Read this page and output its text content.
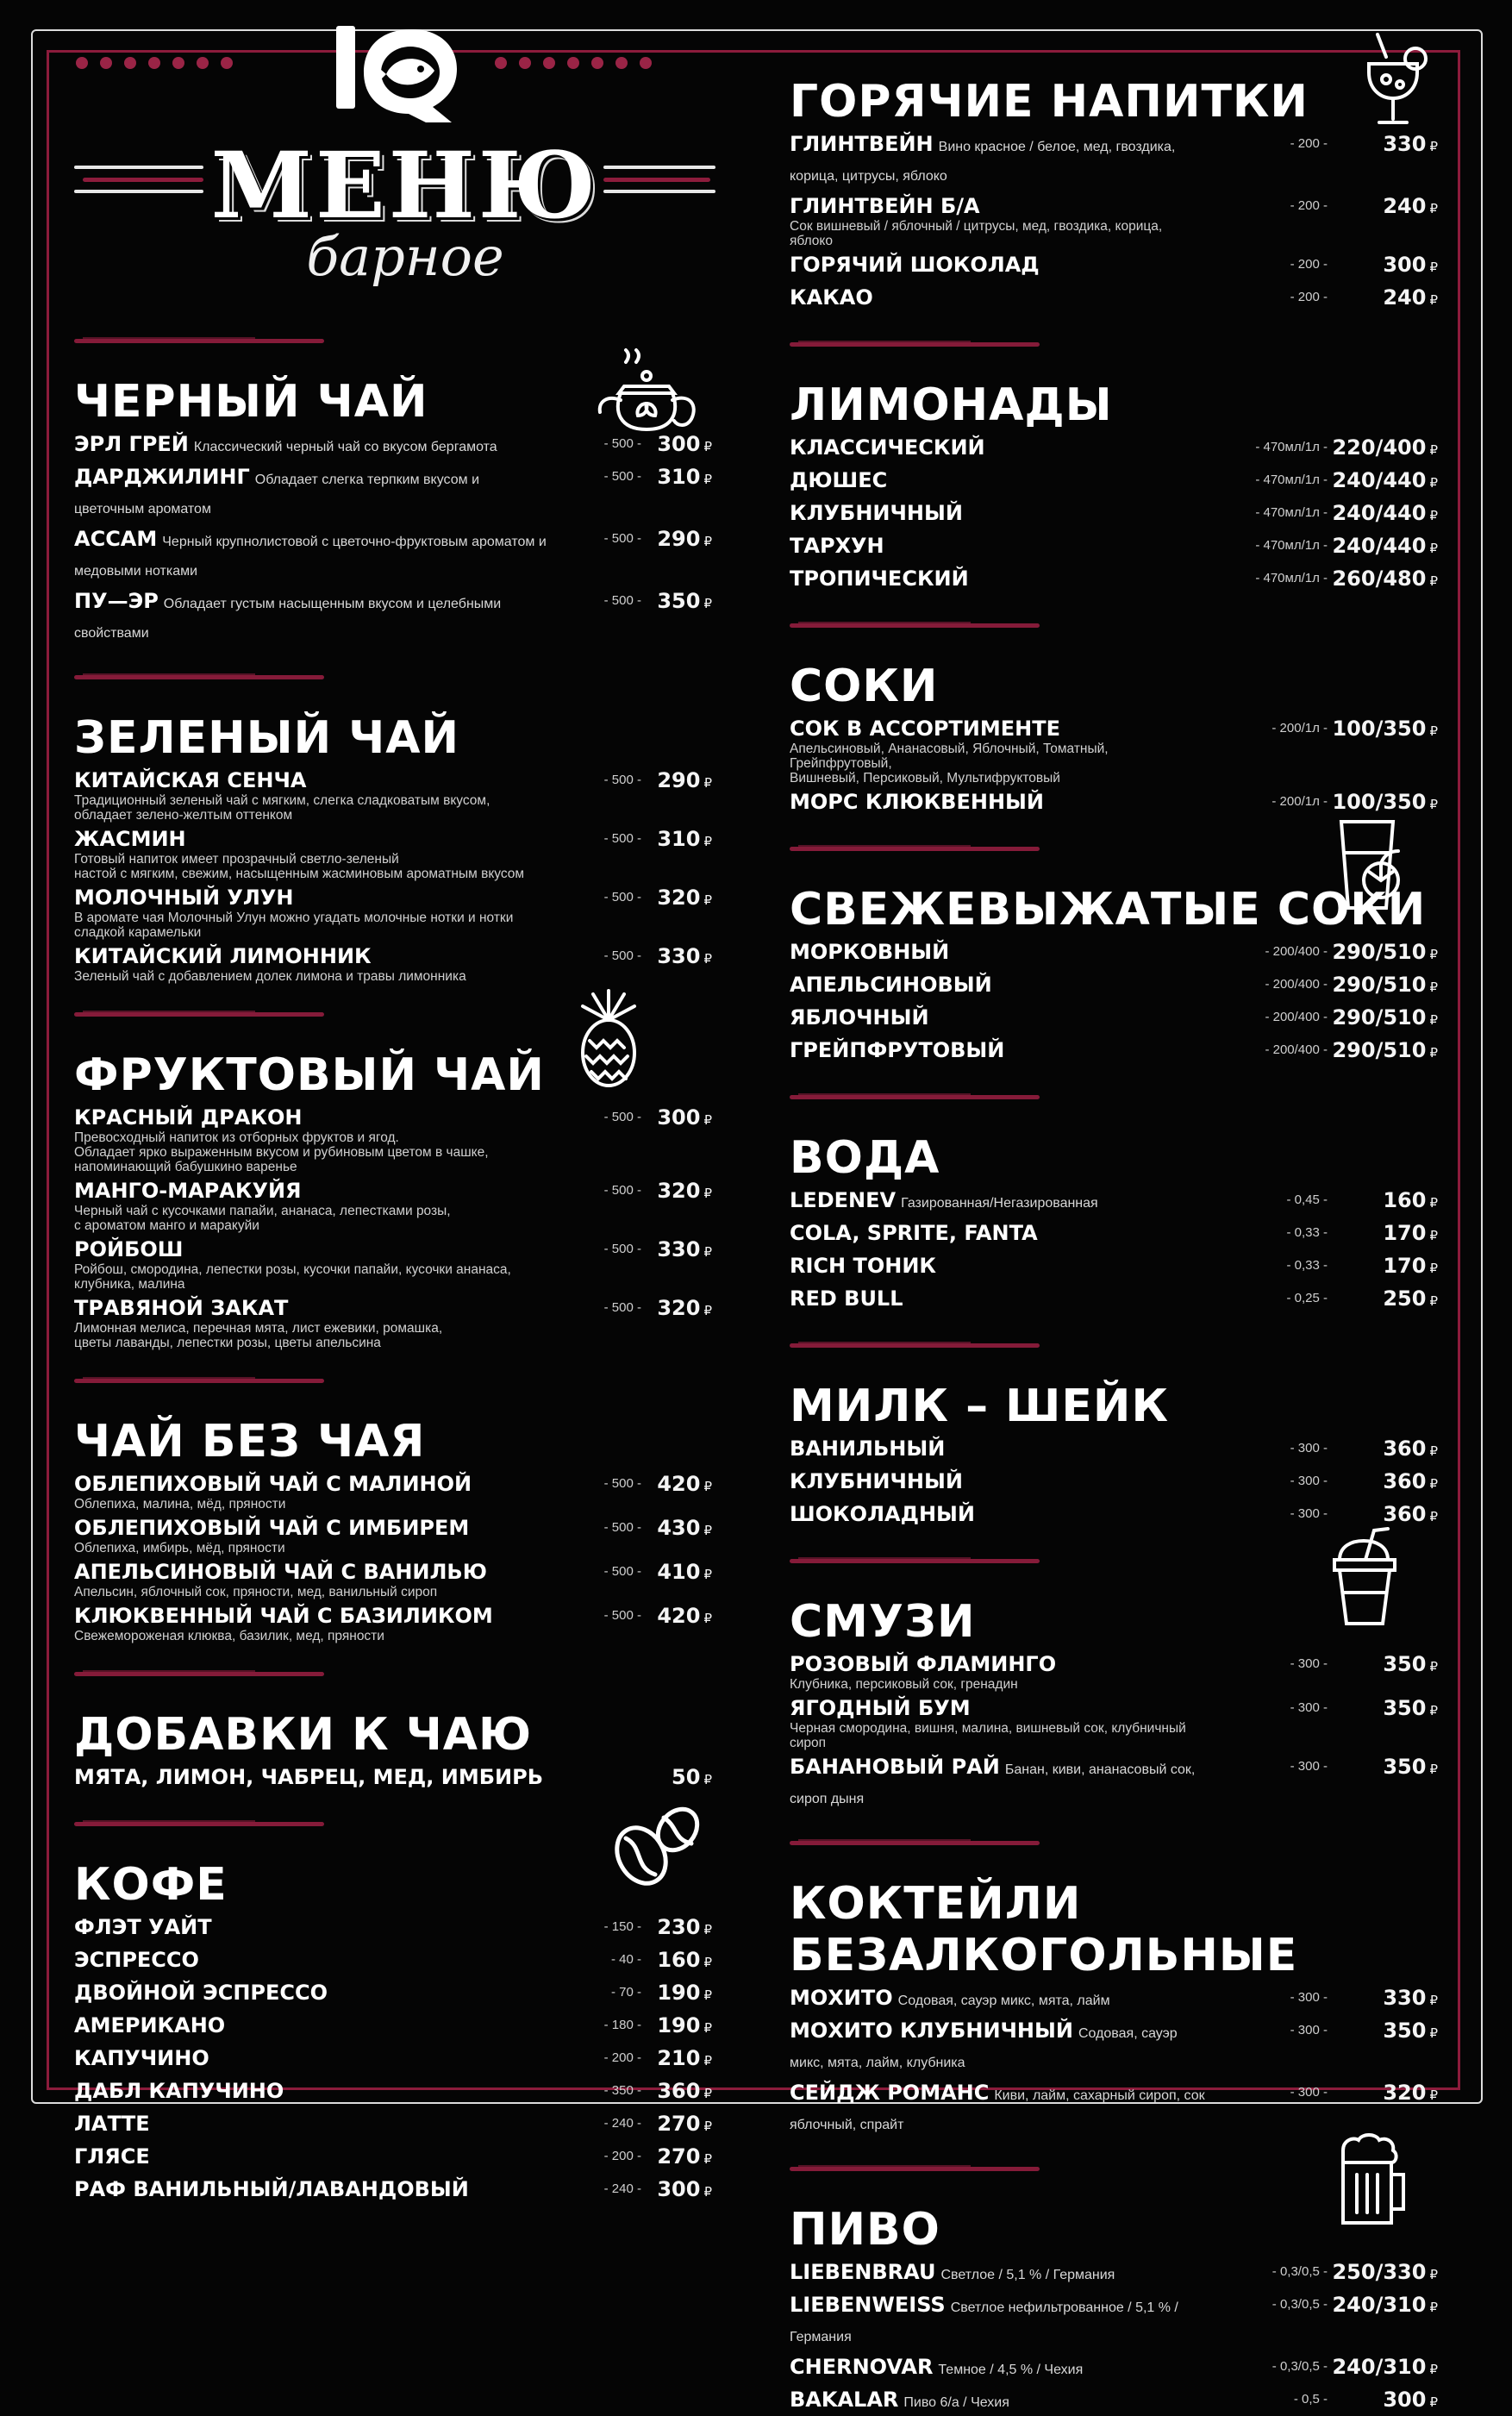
IQ
МЕНЮ
барное
ЧЕРНЫЙ ЧАЙ
ЭРЛ ГРЕЙ Классический черный чай со вкусом бергамота	- 500 - 300 ₽
ДАРДЖИЛИНГ Обладает слегка терпким вкусом и цветочным ароматом
- 500 - 310 ₽
АССАМ Черный крупнолистовой с цветочно-фруктовым ароматом и медовыми нотками
- 500 - 290 ₽
ПУ—ЭР Обладает густым насыщенным вкусом и целебными свойствами
- 500 - 350 ₽
ЗЕЛЕНЫЙ ЧАЙ
КИТАЙСКАЯ СЕНЧА
Традиционный зеленый чай с мягким, слегка сладковатым вкусом, обладает зелено-желтым оттенком
- 500 - 290 ₽
ЖАСМИН
Готовый напиток имеет прозрачный светло-зеленый
настой с мягким, свежим, насыщенным жасминовым ароматным вкусом
- 500 - 310 ₽
МОЛОЧНЫЙ УЛУН
В аромате чая Молочный Улун можно угадать молочные нотки и нотки сладкой карамельки
- 500 - 320 ₽
КИТАЙСКИЙ ЛИМОННИК
Зеленый чай с добавлением долек лимона и травы лимонника
- 500 - 330 ₽
ФРУКТОВЫЙ ЧАЙ
КРАСНЫЙ ДРАКОН
Превосходный напиток из отборных фруктов и ягод.
Обладает ярко выраженным вкусом и рубиновым цветом в чашке,
напоминающий бабушкино варенье
- 500 - 300 ₽
МАНГО-МАРАКУЙЯ
Черный чай с кусочками папайи, ананаса, лепестками розы,
с ароматом манго и маракуйи
- 500 - 320 ₽
РОЙБОШ
Ройбош, смородина, лепестки розы, кусочки папайи, кусочки ананаса,
клубника, малина
- 500 - 330 ₽
ТРАВЯНОЙ ЗАКАТ
Лимонная мелиса, перечная мята, лист ежевики, ромашка,
цветы лаванды, лепестки розы, цветы апельсина
- 500 - 320 ₽
ЧАЙ БЕЗ ЧАЯ
ОБЛЕПИХОВЫЙ ЧАЙ С МАЛИНОЙ
Облепиха, малина, мёд, пряности
- 500 - 420 ₽
ОБЛЕПИХОВЫЙ ЧАЙ С ИМБИРЕМ
Облепиха, имбирь, мёд, пряности
- 500 - 430 ₽
АПЕЛЬСИНОВЫЙ ЧАЙ С ВАНИЛЬЮ
Апельсин, яблочный сок, пряности, мед, ванильный сироп
- 500 - 410 ₽
КЛЮКВЕННЫЙ ЧАЙ С БАЗИЛИКОМ
Свежемороженая клюква, базилик, мед, пряности
- 500 - 420 ₽
ДОБАВКИ К ЧАЮ
МЯТА, ЛИМОН, ЧАБРЕЦ, МЕД, ИМБИРЬ	50 ₽
КОФЕ
ФЛЭТ УАЙТ	- 150 - 230 ₽
ЭСПРЕССО	- 40 - 160 ₽
ДВОЙНОЙ ЭСПРЕССО	- 70 - 190 ₽
АМЕРИКАНО	- 180 - 190 ₽
КАПУЧИНО	- 200 - 210 ₽
ДАБЛ КАПУЧИНО	- 350 - 360 ₽
ЛАТТЕ	- 240 - 270 ₽
ГЛЯСЕ	- 200 - 270 ₽
РАФ ВАНИЛЬНЫЙ/ЛАВАНДОВЫЙ	- 240 - 300 ₽
ГОРЯЧИЕ НАПИТКИ
ГЛИНТВЕЙН Вино красное / белое, мед, гвоздика, корица, цитрусы, яблоко
- 200 -	330 ₽
ГЛИНТВЕЙН Б/А
Сок вишневый / яблочный / цитрусы, мед, гвоздика, корица, яблоко
- 200 -	240 ₽
ГОРЯЧИЙ ШОКОЛАД	- 200 -	300 ₽
КАКАО	- 200 -	240 ₽
ЛИМОНАДЫ
КЛАССИЧЕСКИЙ	- 470мл/1л - 220/400 ₽
ДЮШЕС	- 470мл/1л - 240/440 ₽
КЛУБНИЧНЫЙ	- 470мл/1л - 240/440 ₽
ТАРХУН	- 470мл/1л - 240/440 ₽
ТРОПИЧЕСКИЙ	- 470мл/1л - 260/480 ₽
СОКИ
СОК В АССОРТИМЕНТЕ
Апельсиновый, Ананасовый, Яблочный, Томатный, Грейпфрутовый,
Вишневый, Персиковый, Мультифруктовый
- 200/1л - 100/350 ₽
МОРС КЛЮКВЕННЫЙ	- 200/1л - 100/350 ₽
СВЕЖЕВЫЖАТЫЕ СОКИ
МОРКОВНЫЙ	- 200/400 - 290/510 ₽
АПЕЛЬСИНОВЫЙ	- 200/400 - 290/510 ₽
ЯБЛОЧНЫЙ	- 200/400 - 290/510 ₽
ГРЕЙПФРУТОВЫЙ	- 200/400 - 290/510 ₽
ВОДА
LEDENEV Газированная/Негазированная	- 0,45 -	160 ₽
COLA, SPRITE, FANTA	- 0,33 -	170 ₽
RICH ТОНИК	- 0,33 -	170 ₽
RED BULL	- 0,25 -	250 ₽
МИЛК – ШЕЙК
ВАНИЛЬНЫЙ	- 300 -	360 ₽
КЛУБНИЧНЫЙ	- 300 -	360 ₽
ШОКОЛАДНЫЙ	- 300 -	360 ₽
СМУЗИ
РОЗОВЫЙ ФЛАМИНГО
Клубника, персиковый сок, гренадин
- 300 -	350 ₽
ЯГОДНЫЙ БУМ
Черная смородина, вишня, малина, вишневый сок, клубничный сироп
- 300 -	350 ₽
БАНАНОВЫЙ РАЙ Банан, киви, ананасовый сок, сироп дыня
- 300 -	350 ₽
КОКТЕЙЛИ БЕЗАЛКОГОЛЬНЫЕ
МОХИТО Содовая, сауэр микс, мята, лайм	- 300 -	330 ₽
МОХИТО КЛУБНИЧНЫЙ Содовая, сауэр микс, мята, лайм, клубника
- 300 -	350 ₽
СЕЙДЖ РОМАНС Киви, лайм, сахарный сироп, сок яблочный, спрайт
- 300 -	320 ₽
ПИВО
LIEBENBRAU Светлое / 5,1 % / Германия	- 0,3/0,5 - 250/330 ₽
LIEBENWEISS Светлое нефильтрованное / 5,1 % / Германия
- 0,3/0,5 - 240/310 ₽
CHERNOVAR Темное / 4,5 % / Чехия	- 0,3/0,5 - 240/310 ₽
BAKALAR Пиво 6/а / Чехия	- 0,5 -	300 ₽
